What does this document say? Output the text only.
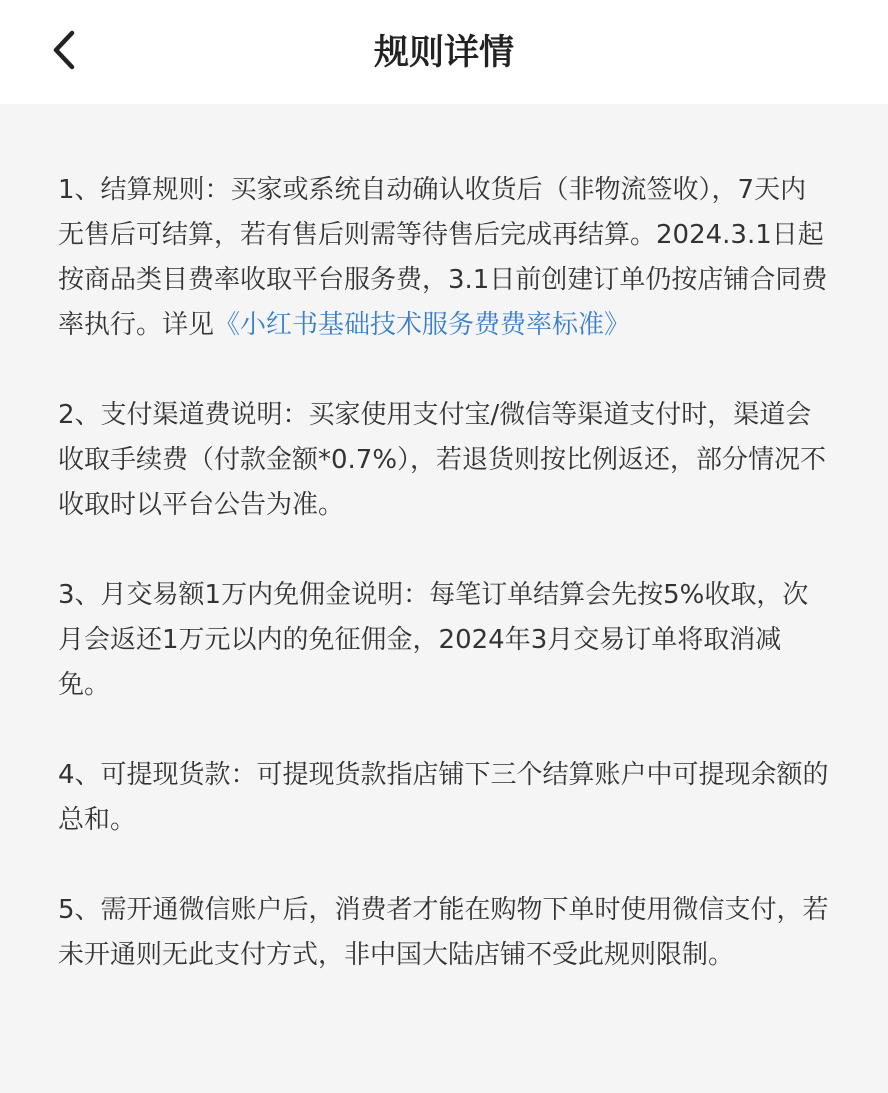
规则详情

1、结算规则：买家或系统自动确认收货后（非物流签收），7天内无售后可结算，若有售后则需等待售后完成再结算。2024.3.1日起按商品类目费率收取平台服务费，3.1日前创建订单仍按店铺合同费率执行。详见《小红书基础技术服务费费率标准》

2、支付渠道费说明：买家使用支付宝/微信等渠道支付时，渠道会收取手续费（付款金额*0.7%），若退货则按比例返还，部分情况不收取时以平台公告为准。

3、月交易额1万内免佣金说明：每笔订单结算会先按5%收取，次月会返还1万元以内的免征佣金，2024年3月交易订单将取消减免。

4、可提现货款：可提现货款指店铺下三个结算账户中可提现余额的总和。

5、需开通微信账户后，消费者才能在购物下单时使用微信支付，若未开通则无此支付方式，非中国大陆店铺不受此规则限制。
